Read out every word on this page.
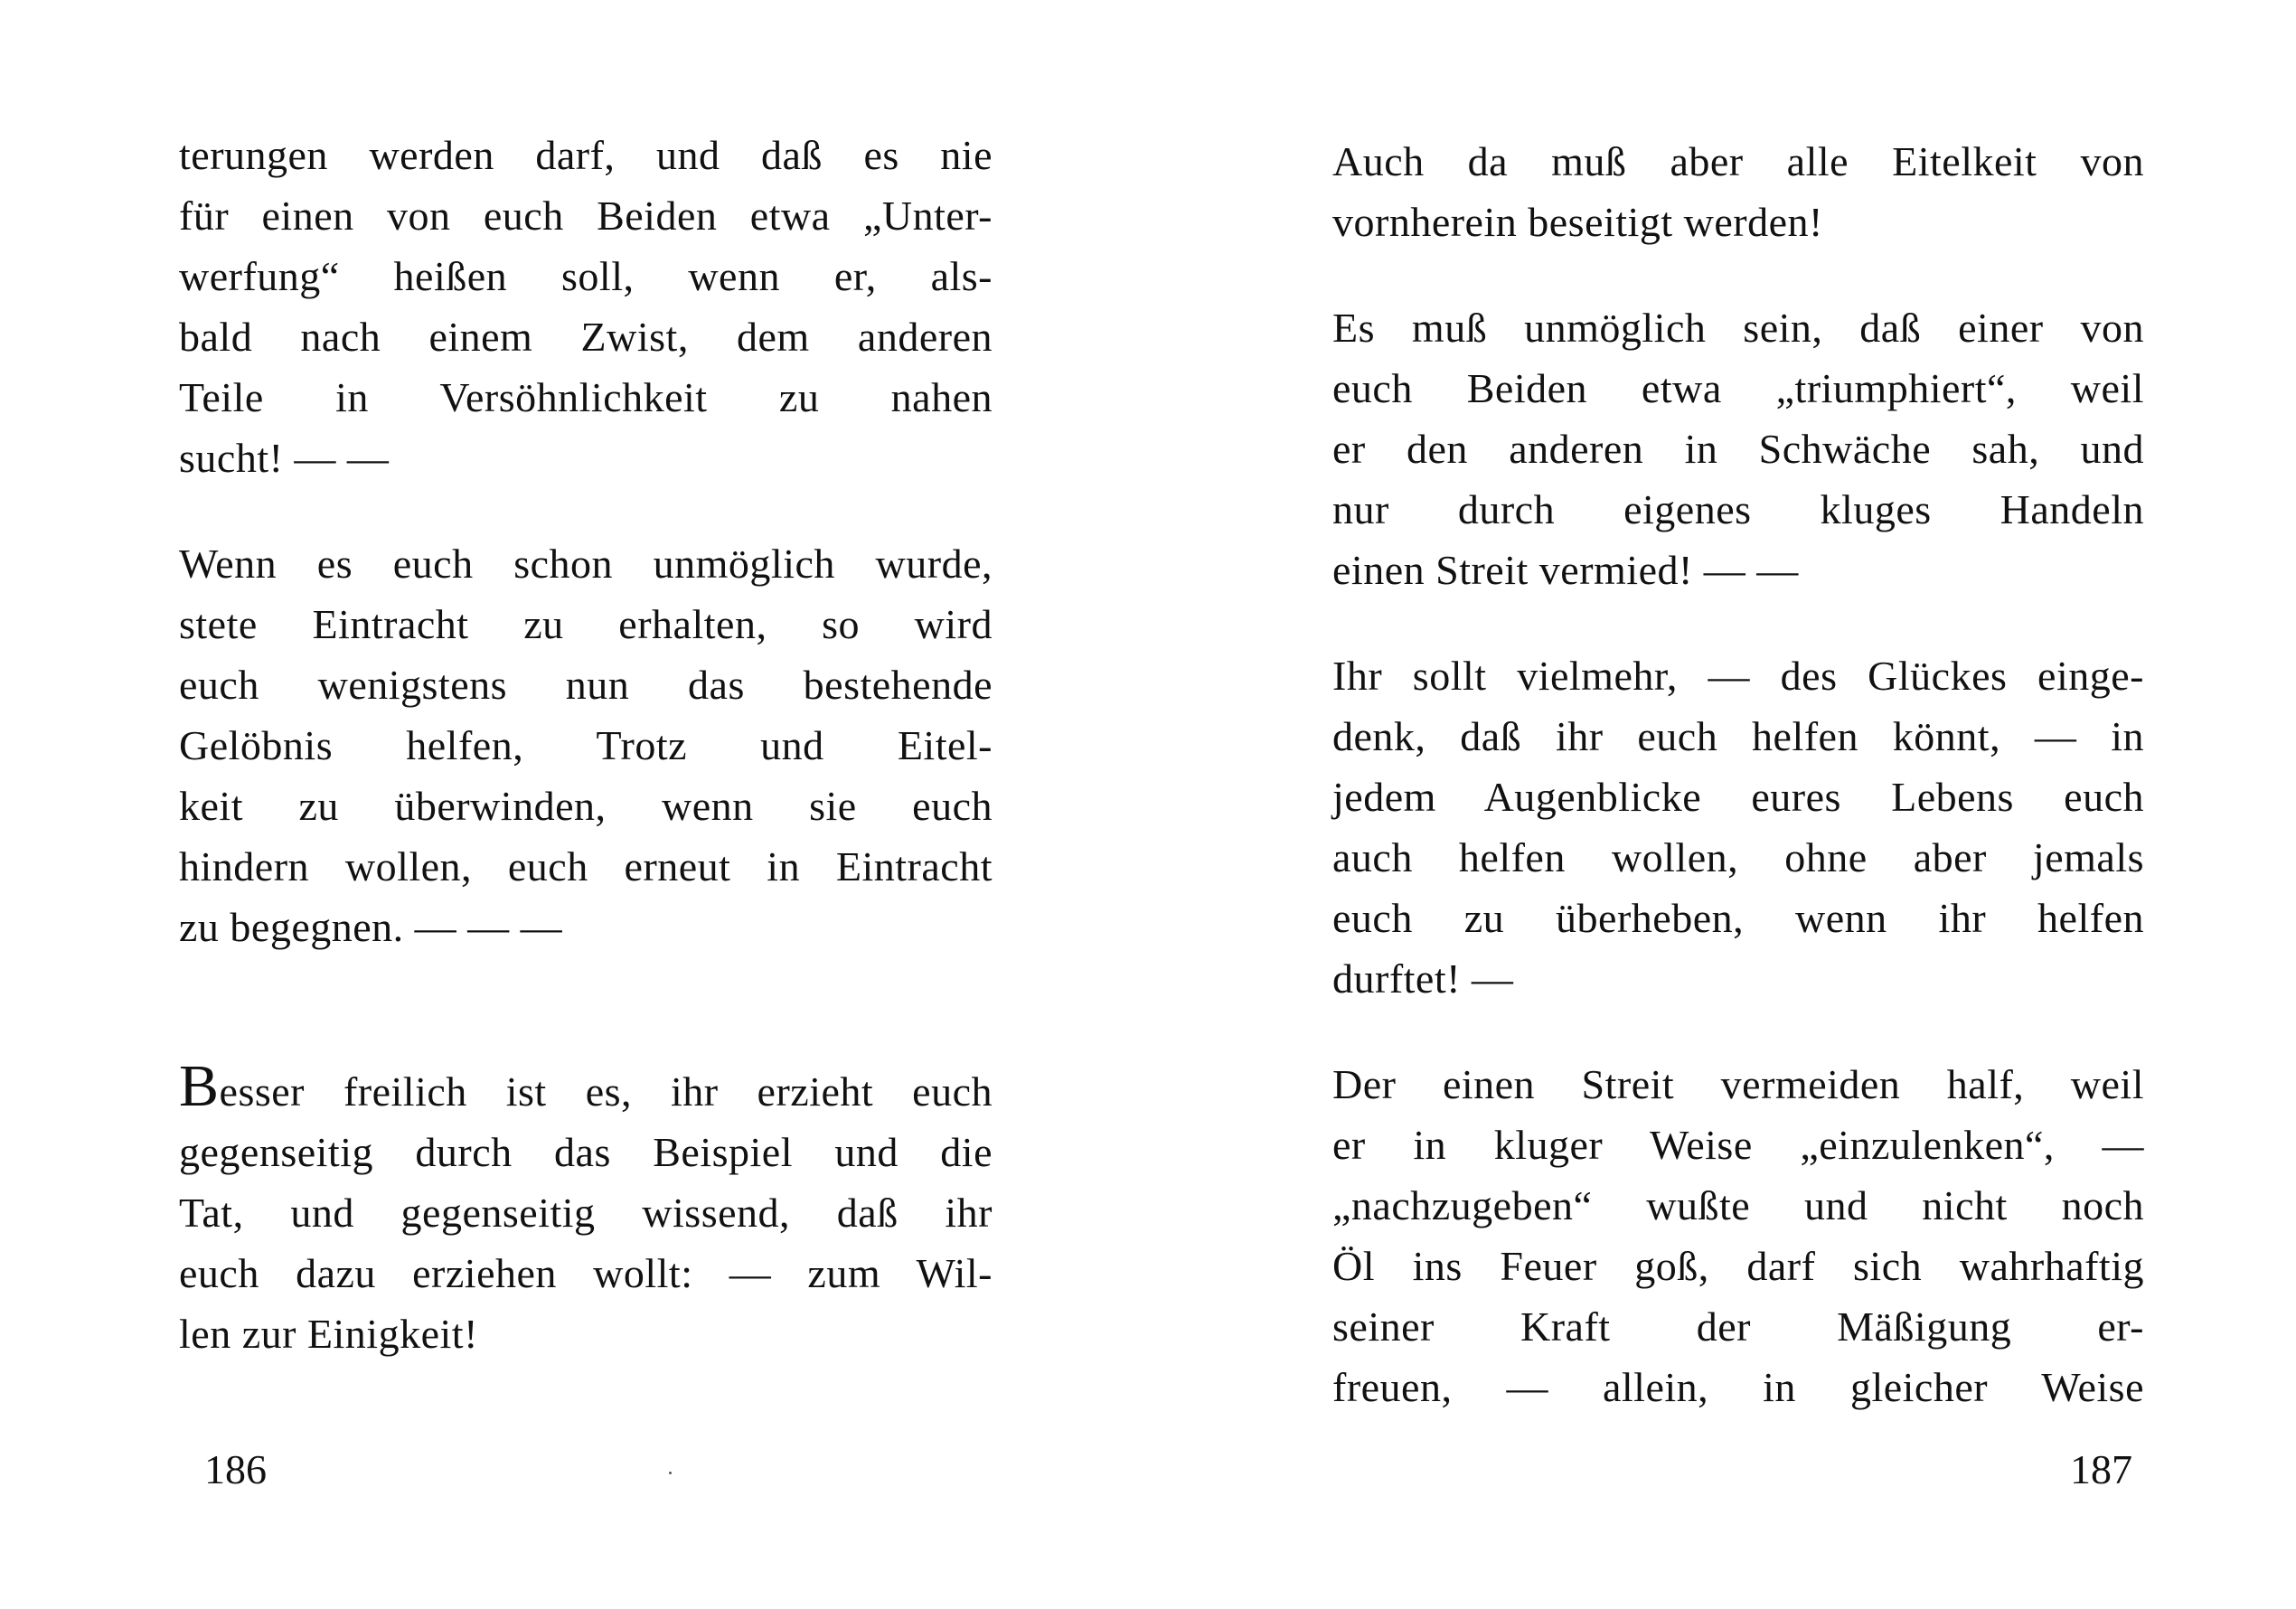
terungen werden darf, und daß es nie
für einen von euch Beiden etwa „Unter-
werfung“ heißen soll, wenn er, als-
bald nach einem Zwist, dem anderen
Teile in Versöhnlichkeit zu nahen
sucht! — —
Wenn es euch schon unmöglich wurde,
stete Eintracht zu erhalten, so wird
euch wenigstens nun das bestehende
Gelöbnis helfen, Trotz und Eitel-
keit zu überwinden, wenn sie euch
hindern wollen, euch erneut in Eintracht
zu begegnen. — — —
Besser freilich ist es, ihr erzieht euch
gegenseitig durch das Beispiel und die
Tat, und gegenseitig wissend, daß ihr
euch dazu erziehen wollt: — zum Wil-
len zur Einigkeit!
186
Auch da muß aber alle Eitelkeit von
vornherein beseitigt werden!
Es muß unmöglich sein, daß einer von
euch Beiden etwa „triumphiert“, weil
er den anderen in Schwäche sah, und
nur durch eigenes kluges Handeln
einen Streit vermied! — —
Ihr sollt vielmehr, — des Glückes einge-
denk, daß ihr euch helfen könnt, — in
jedem Augenblicke eures Lebens euch
auch helfen wollen, ohne aber jemals
euch zu überheben, wenn ihr helfen
durftet! —
Der einen Streit vermeiden half, weil
er in kluger Weise „einzulenken“, —
„nachzugeben“ wußte und nicht noch
Öl ins Feuer goß, darf sich wahrhaftig
seiner Kraft der Mäßigung er-
freuen, — allein, in gleicher Weise
187
